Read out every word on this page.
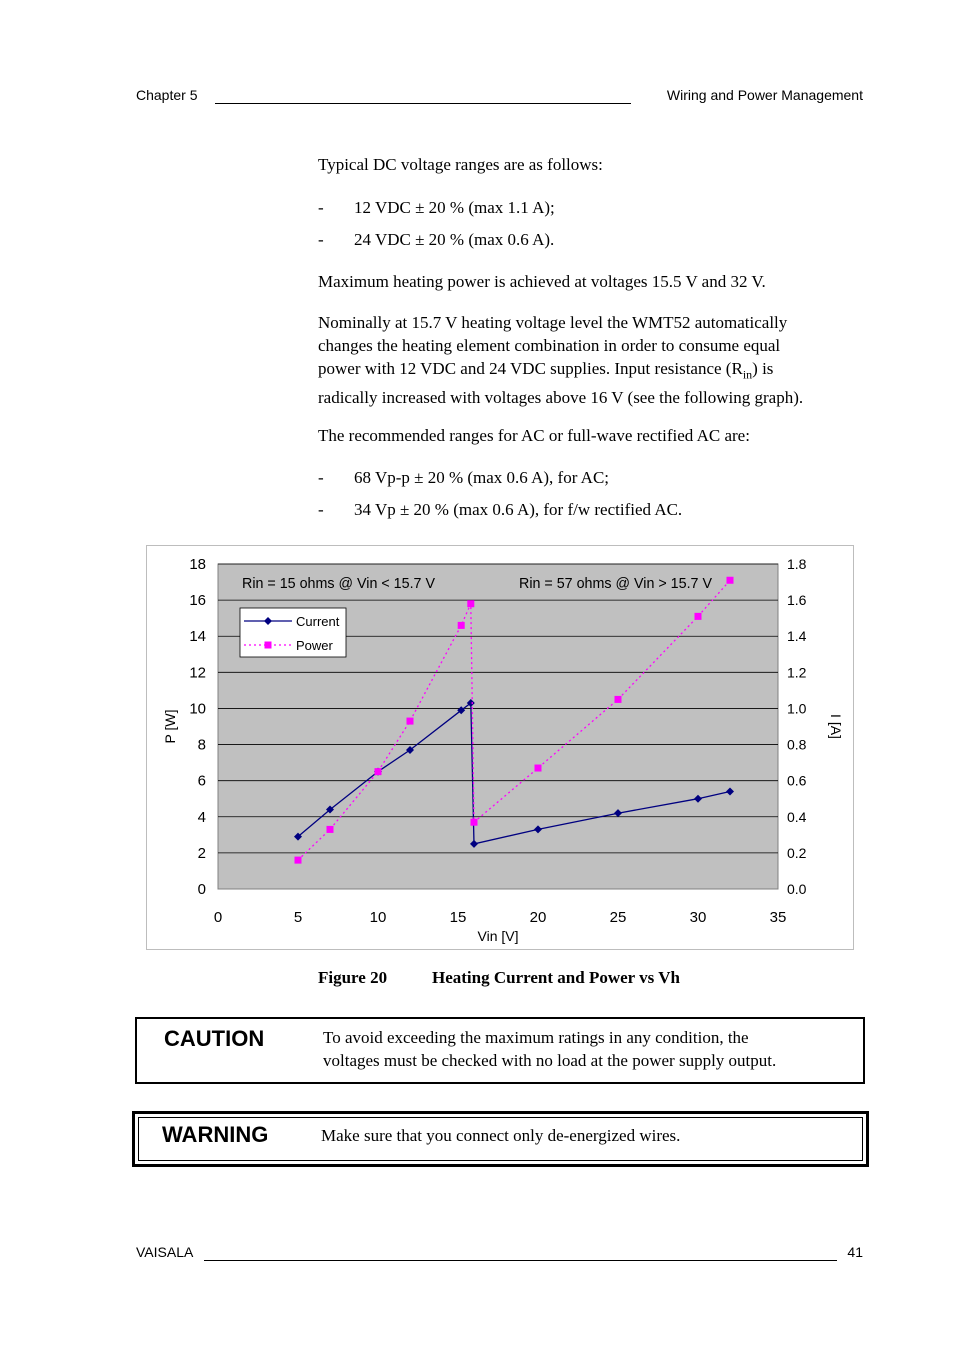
Chapter 5	Wiring and Power Management

Typical DC voltage ranges are as follows:

- 12 VDC ± 20 % (max 1.1 A);
- 24 VDC ± 20 % (max 0.6 A).

Maximum heating power is achieved at voltages 15.5 V and 32 V.

Nominally at 15.7 V heating voltage level the WMT52 automatically

changes the heating element combination in order to consume equal

power with 12 VDC and 24 VDC supplies. Input resistance $(R_{in})$ is

radically increased with voltages above 16 V (see the following graph).

The recommended ranges for AC or full-wave rectified AC are:

- 68 Vp-p ± 20 % (max 0.6 A), for AC;
- 34 Vp ± 20 % (max 0.6 A), for f/w rectified AC.
0
2
4
6
8
10
12
14
16
18
0.0
0.2
0.4
0.6
0.8
1.0
1.2
1.4
1.6
1.8
0	5	10	15	20	25	30	35
Vin [V]
P [W]	I [A]
Rin = 15 ohms @ Vin < 15.7 V	Rin = 57 ohms @ Vin > 15.7 V
Current
Power
Figure 20	Heating Current and Power vs Vh
CAUTION	To avoid exceeding the maximum ratings in any condition, the
voltages must be checked with no load at the power supply output.
WARNING	Make sure that you connect only de-energized wires.
VAISALA	41
